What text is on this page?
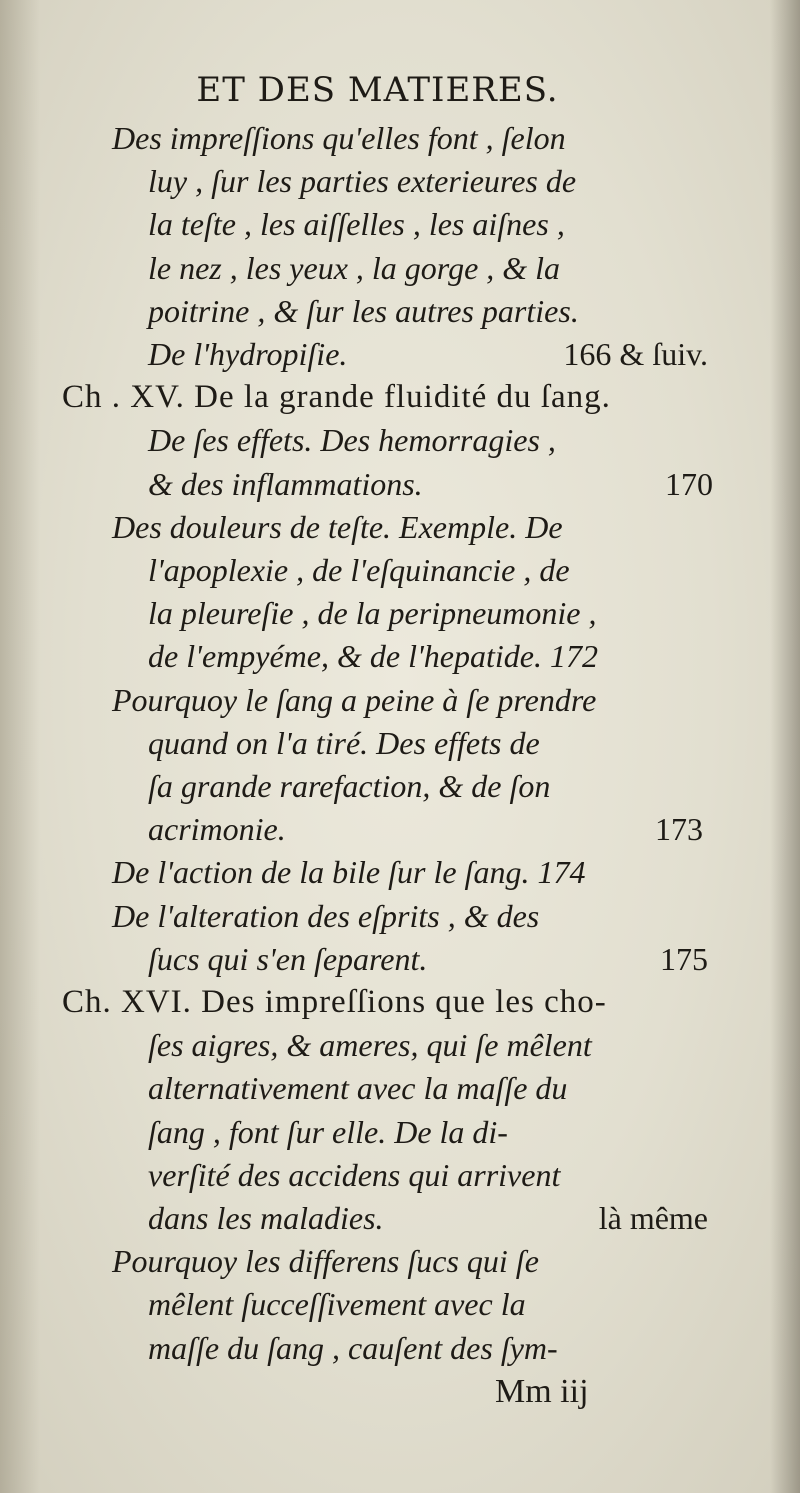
ET DES MATIERES.
Des impreſſions qu'elles font , ſelon
luy , ſur les parties exterieures de
la teſte , les aiſſelles , les aiſnes ,
le nez , les yeux , la gorge , & la
poitrine , & ſur les autres parties.
De l'hydropiſie.	166 & ſuiv.
Ch . XV. De la grande fluidité du ſang.
De ſes effets. Des hemorragies ,
& des inflammations.	170
Des douleurs de teſte. Exemple. De
l'apoplexie , de l'eſquinancie , de
la pleureſie , de la peripneumonie ,
de l'empyéme, & de l'hepatide. 172
Pourquoy le ſang a peine à ſe prendre
quand on l'a tiré. Des effets de
ſa grande rarefaction, & de ſon
acrimonie.	173
De l'action de la bile ſur le ſang. 174
De l'alteration des eſprits , & des
ſucs qui s'en ſeparent.	175
Ch. XVI. Des impreſſions que les cho-
ſes aigres, & ameres, qui ſe mêlent
alternativement avec la maſſe du
ſang , font ſur elle. De la di-
verſité des accidens qui arrivent
dans les maladies.	là même
Pourquoy les differens ſucs qui ſe
mêlent ſucceſſivement avec la
maſſe du ſang , cauſent des ſym-
Mm iij
